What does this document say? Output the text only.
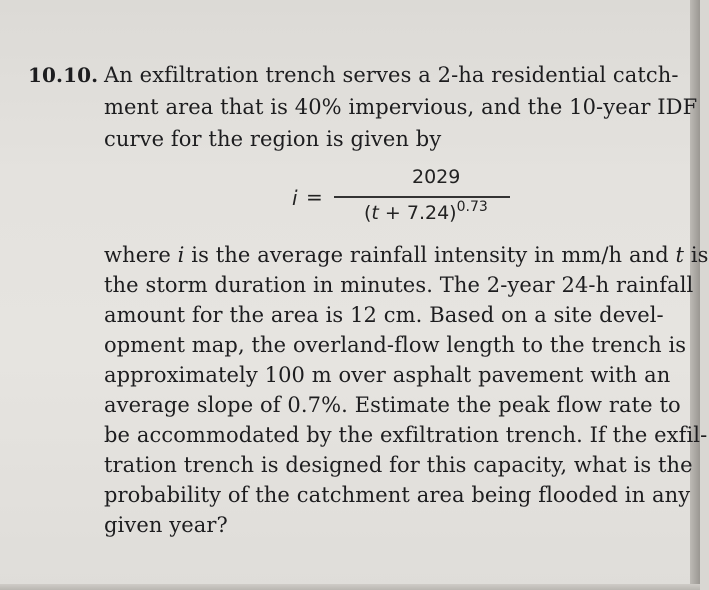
10.10. An exfiltration trench serves a 2-ha residential catch-
ment area that is 40% impervious, and the 10-year IDF
curve for the region is given by
i =
2029
$(t + 7.24)^{0.73}$
where i is the average rainfall intensity in mm/h and t is
the storm duration in minutes. The 2-year 24-h rainfall
amount for the area is 12 cm. Based on a site devel-
opment map, the overland-flow length to the trench is
approximately 100 m over asphalt pavement with an
average slope of 0.7%. Estimate the peak flow rate to
be accommodated by the exfiltration trench. If the exfil-
tration trench is designed for this capacity, what is the
probability of the catchment area being flooded in any
given year?
